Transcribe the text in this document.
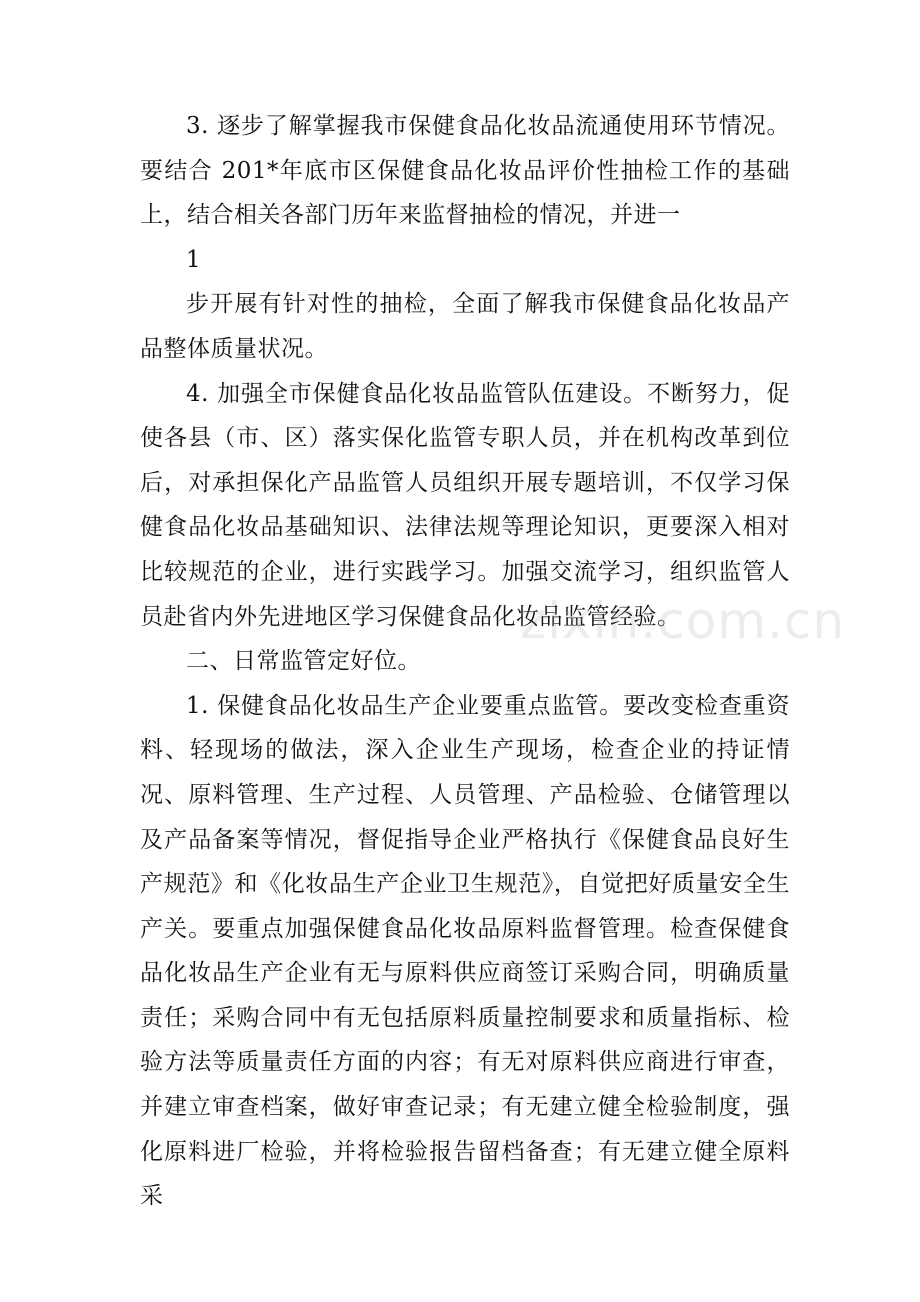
3. 逐步了解掌握我市保健食品化妆品流通使用环节情况。要结合 201*年底市区保健食品化妆品评价性抽检工作的基础上，结合相关各部门历年来监督抽检的情况，并进一

1

步开展有针对性的抽检，全面了解我市保健食品化妆品产品整体质量状况。

4. 加强全市保健食品化妆品监管队伍建设。不断努力，促使各县（市、区）落实保化监管专职人员，并在机构改革到位后，对承担保化产品监管人员组织开展专题培训，不仅学习保健食品化妆品基础知识、法律法规等理论知识，更要深入相对比较规范的企业，进行实践学习。加强交流学习，组织监管人员赴省内外先进地区学习保健食品化妆品监管经验。

二、日常监管定好位。

1. 保健食品化妆品生产企业要重点监管。要改变检查重资料、轻现场的做法，深入企业生产现场，检查企业的持证情况、原料管理、生产过程、人员管理、产品检验、仓储管理以及产品备案等情况，督促指导企业严格执行《保健食品良好生产规范》和《化妆品生产企业卫生规范》，自觉把好质量安全生产关。要重点加强保健食品化妆品原料监督管理。检查保健食品化妆品生产企业有无与原料供应商签订采购合同，明确质量责任；采购合同中有无包括原料质量控制要求和质量指标、检验方法等质量责任方面的内容；有无对原料供应商进行审查，并建立审查档案，做好审查记录；有无建立健全检验制度，强化原料进厂检验，并将检验报告留档备查；有无建立健全原料采

zixin.com.cn
